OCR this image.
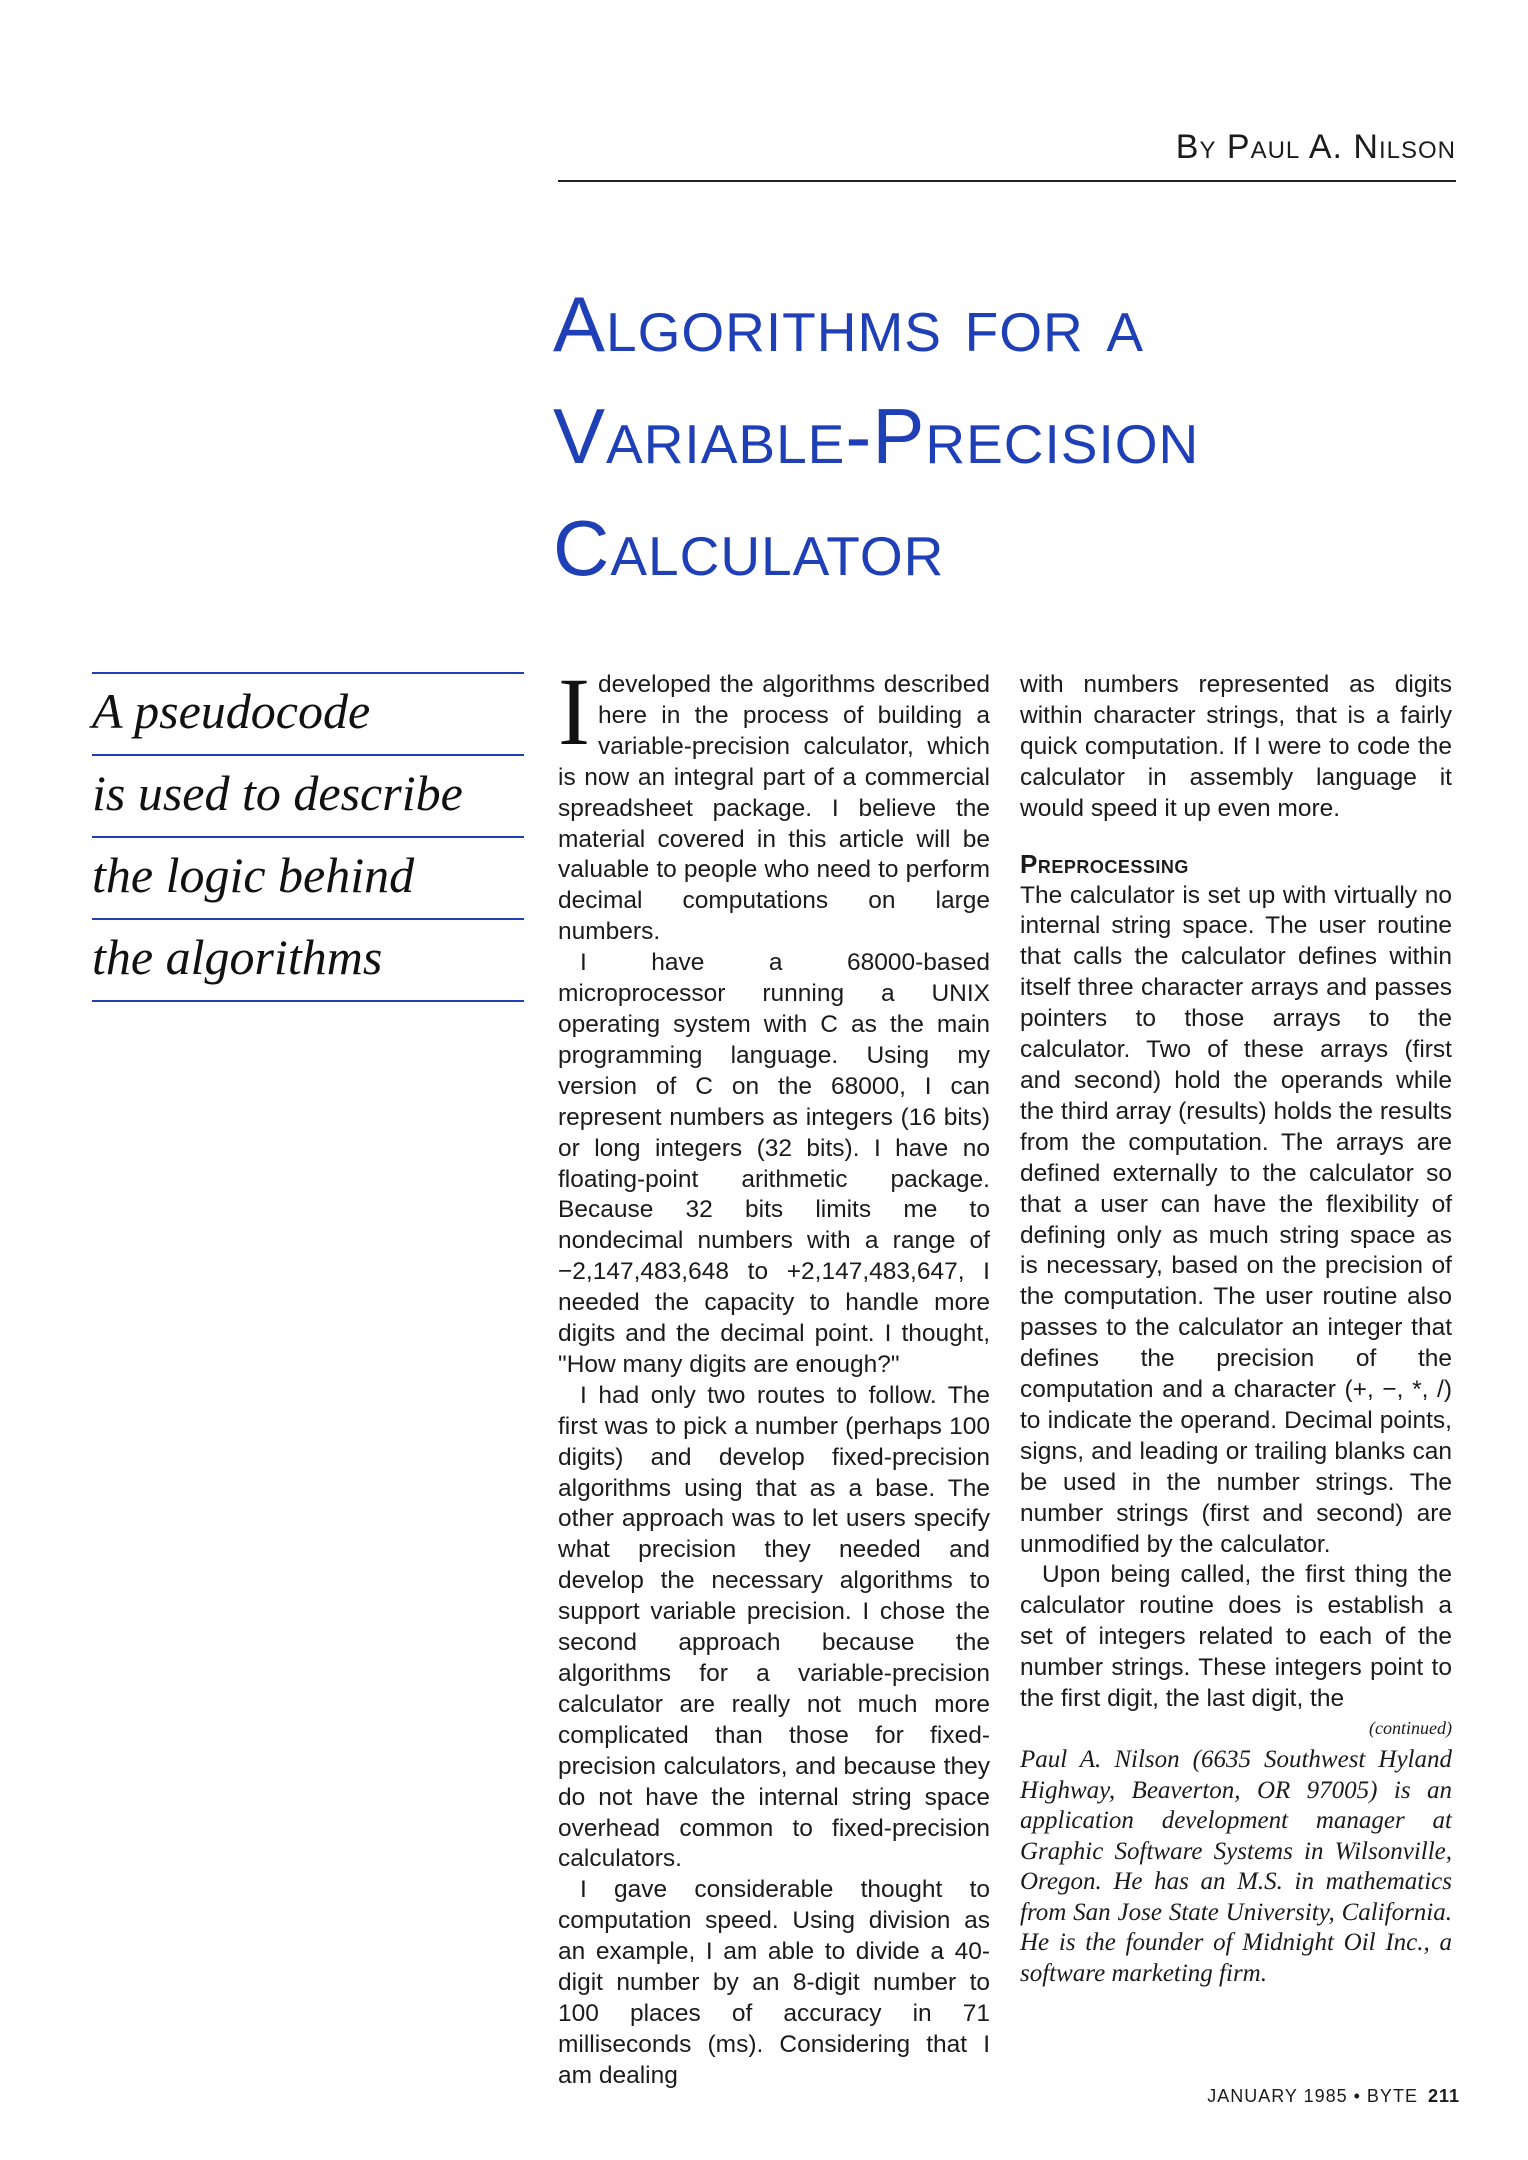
By Paul A. Nilson
Algorithms for a
Variable-Precision
Calculator
A pseudocode
is used to describe
the logic behind
the algorithms

Ideveloped the algorithms described here in the process of building a variable-precision calculator, which is now an integral part of a commercial spreadsheet package. I believe the material covered in this article will be valuable to people who need to perform decimal computations on large numbers.

I have a 68000-based microprocessor running a UNIX operating system with C as the main programming language. Using my version of C on the 68000, I can represent numbers as integers (16 bits) or long integers (32 bits). I have no floating-point arithmetic package. Because 32 bits limits me to nondecimal numbers with a range of −2,147,483,648 to +2,147,483,647, I needed the capacity to handle more digits and the decimal point. I thought, "How many digits are enough?"

I had only two routes to follow. The first was to pick a number (perhaps 100 digits) and develop fixed-precision algorithms using that as a base. The other approach was to let users specify what precision they needed and develop the necessary algorithms to support variable precision. I chose the second approach because the algorithms for a variable-precision calculator are really not much more complicated than those for fixed-precision calculators, and because they do not have the internal string space overhead common to fixed-precision calculators.

I gave considerable thought to computation speed. Using division as an example, I am able to divide a 40-digit number by an 8-digit number to 100 places of accuracy in 71 milliseconds (ms). Considering that I am dealing

with numbers represented as digits within character strings, that is a fairly quick computation. If I were to code the calculator in assembly language it would speed it up even more.

Preprocessing

The calculator is set up with virtually no internal string space. The user routine that calls the calculator defines within itself three character arrays and passes pointers to those arrays to the calculator. Two of these arrays (first and second) hold the operands while the third array (results) holds the results from the computation. The arrays are defined externally to the calculator so that a user can have the flexibility of defining only as much string space as is necessary, based on the precision of the computation. The user routine also passes to the calculator an integer that defines the precision of the computation and a character (+, −, *, /) to indicate the operand. Decimal points, signs, and leading or trailing blanks can be used in the number strings. The number strings (first and second) are unmodified by the calculator.

Upon being called, the first thing the calculator routine does is establish a set of integers related to each of the number strings. These integers point to the first digit, the last digit, the

(continued)
Paul A. Nilson (6635 Southwest Hyland Highway, Beaverton, OR 97005) is an application development manager at Graphic Software Systems in Wilsonville, Oregon. He has an M.S. in mathematics from San Jose State University, California. He is the founder of Midnight Oil Inc., a software marketing firm.
JANUARY 1985 • BYTE 211
